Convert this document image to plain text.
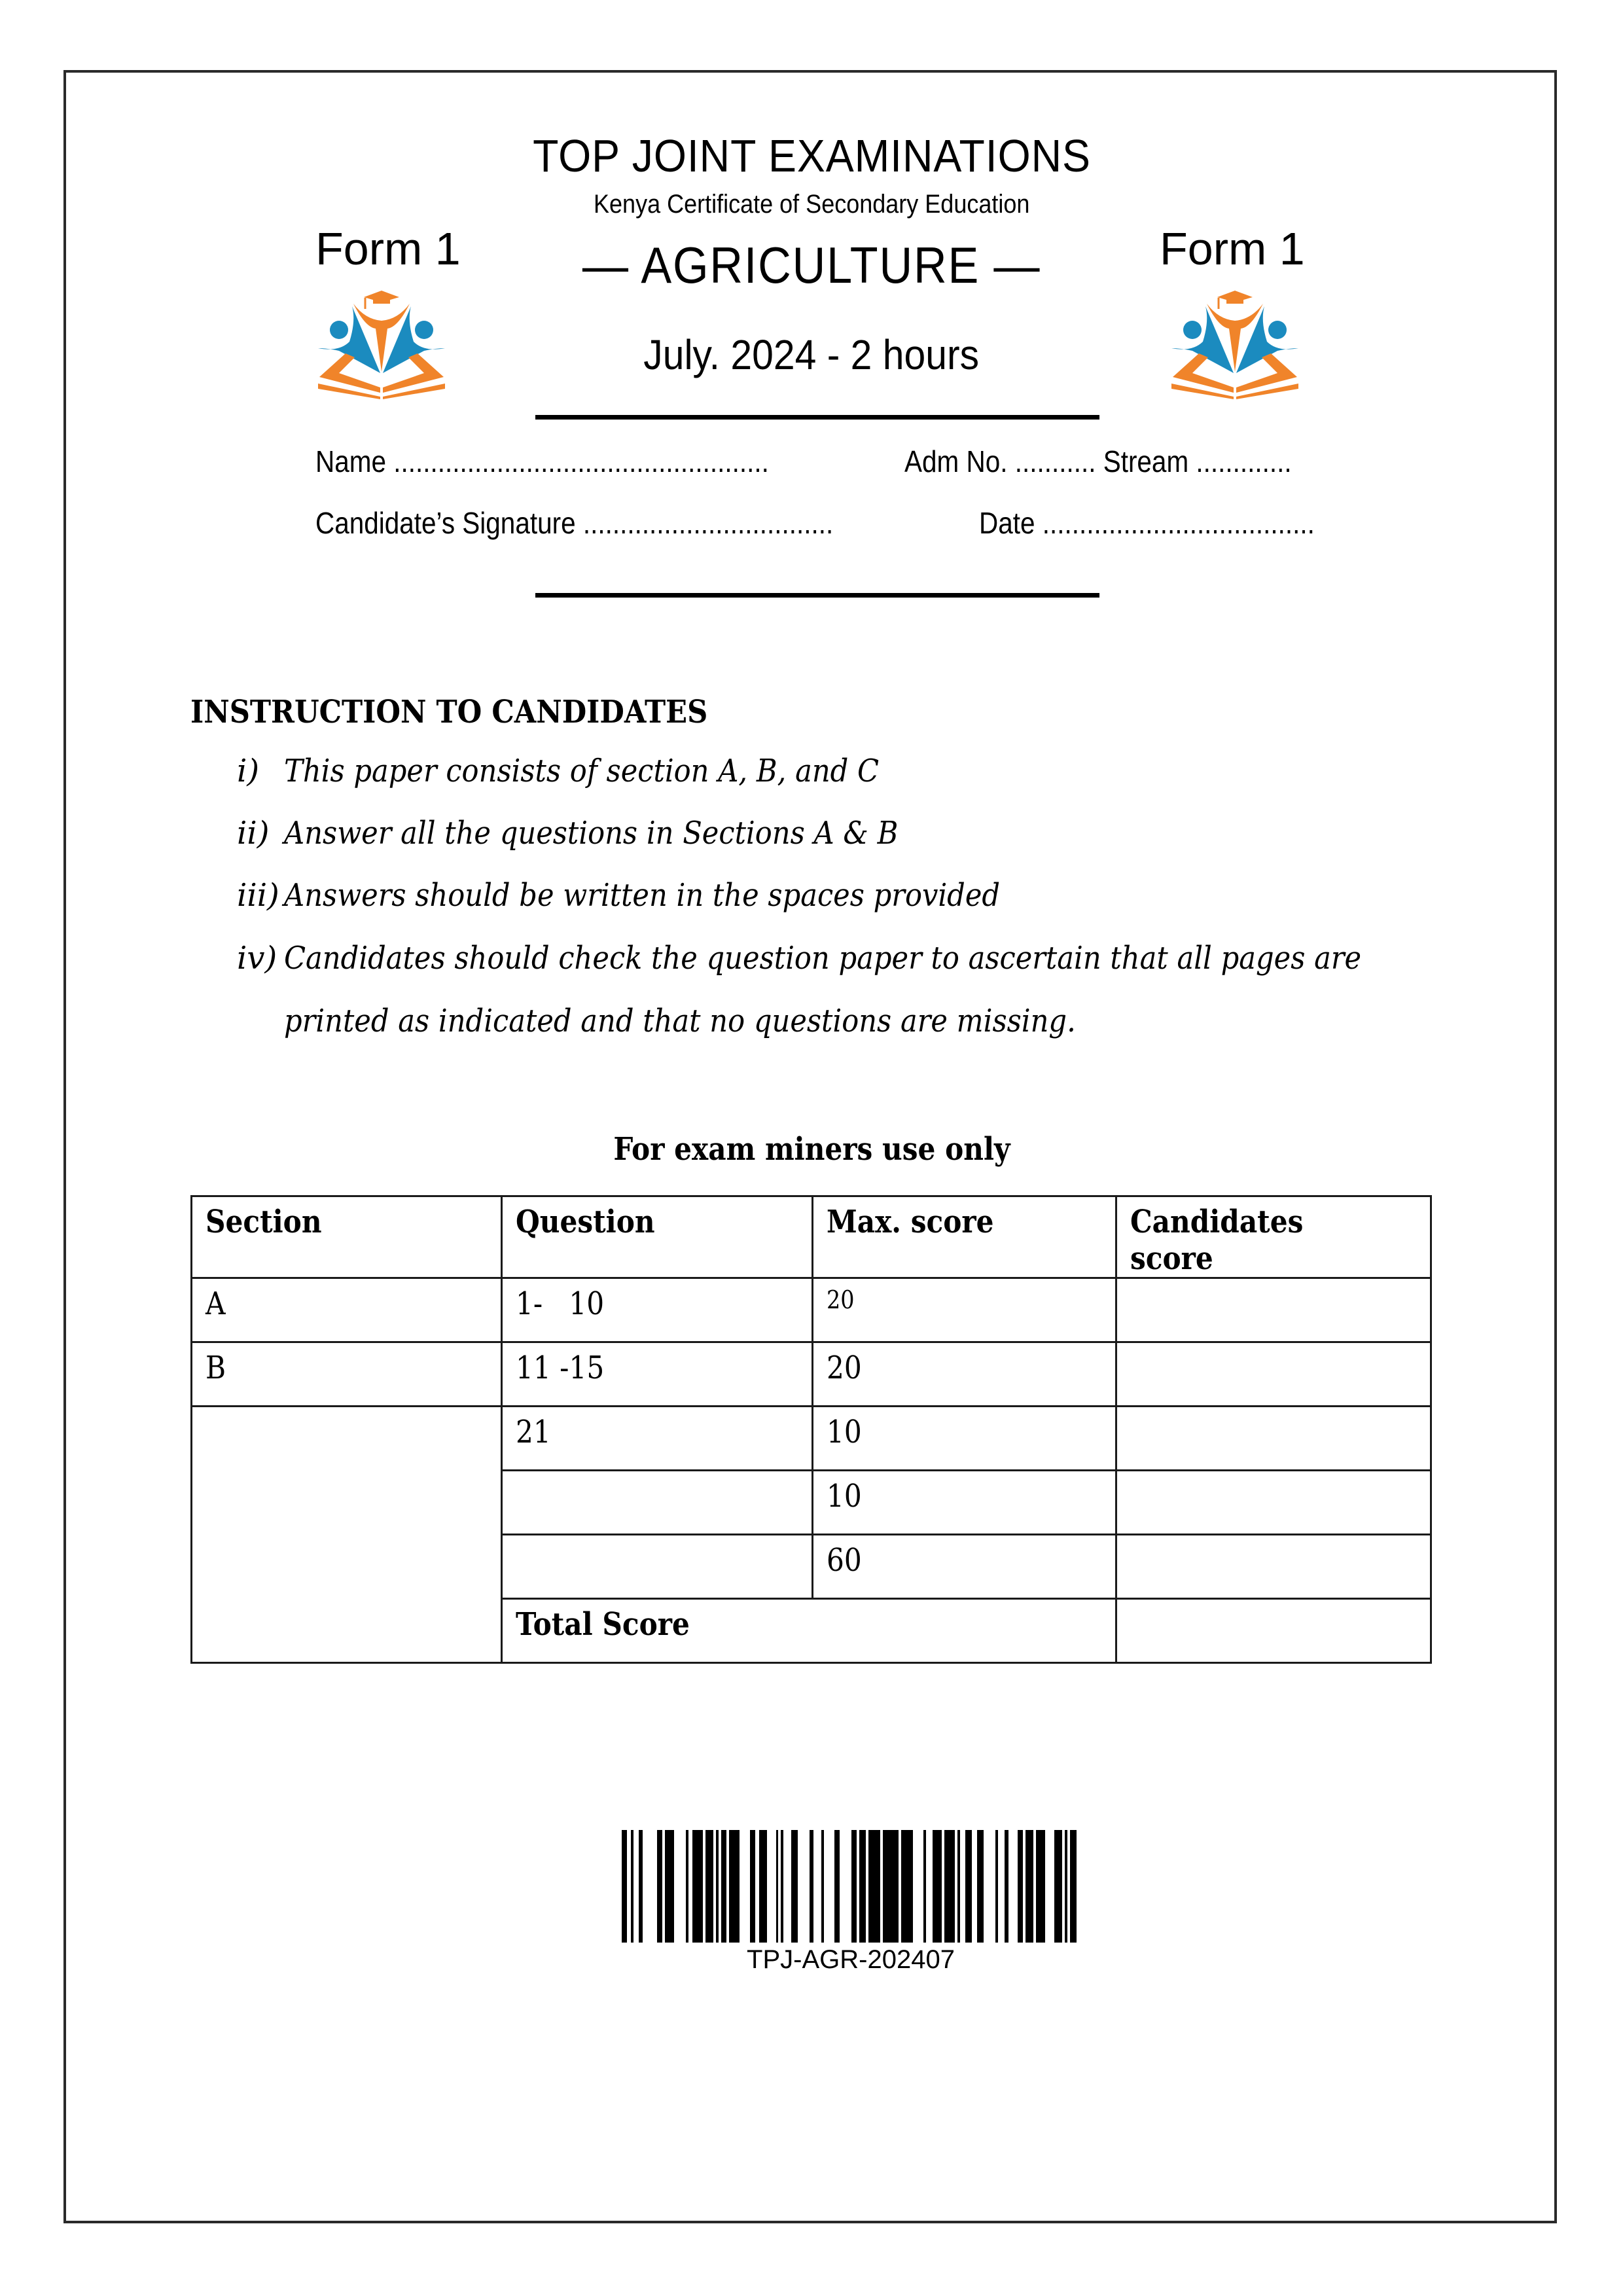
TOP JOINT EXAMINATIONS
Kenya Certificate of Secondary Education
Form 1	Form 1
— AGRICULTURE —
July. 2024 - 2 hours
Name ...................................................	Adm No. ........... Stream .............
Candidate’s Signature ..................................	Date .....................................
INSTRUCTION TO CANDIDATES
i) This paper consists of section A, B, and C
ii) Answer all the questions in Sections A & B
iii) Answers should be written in the spaces provided
iv) Candidates should check the question paper to ascertain that all pages are
printed as indicated and that no questions are missing.
For exam miners use only
Section	Question	Max. score	Candidates score
A	1-   10	20	
B	11 -15	20	
	21	10	
		10	
		60	
	Total Score		
TPJ-AGR-202407
